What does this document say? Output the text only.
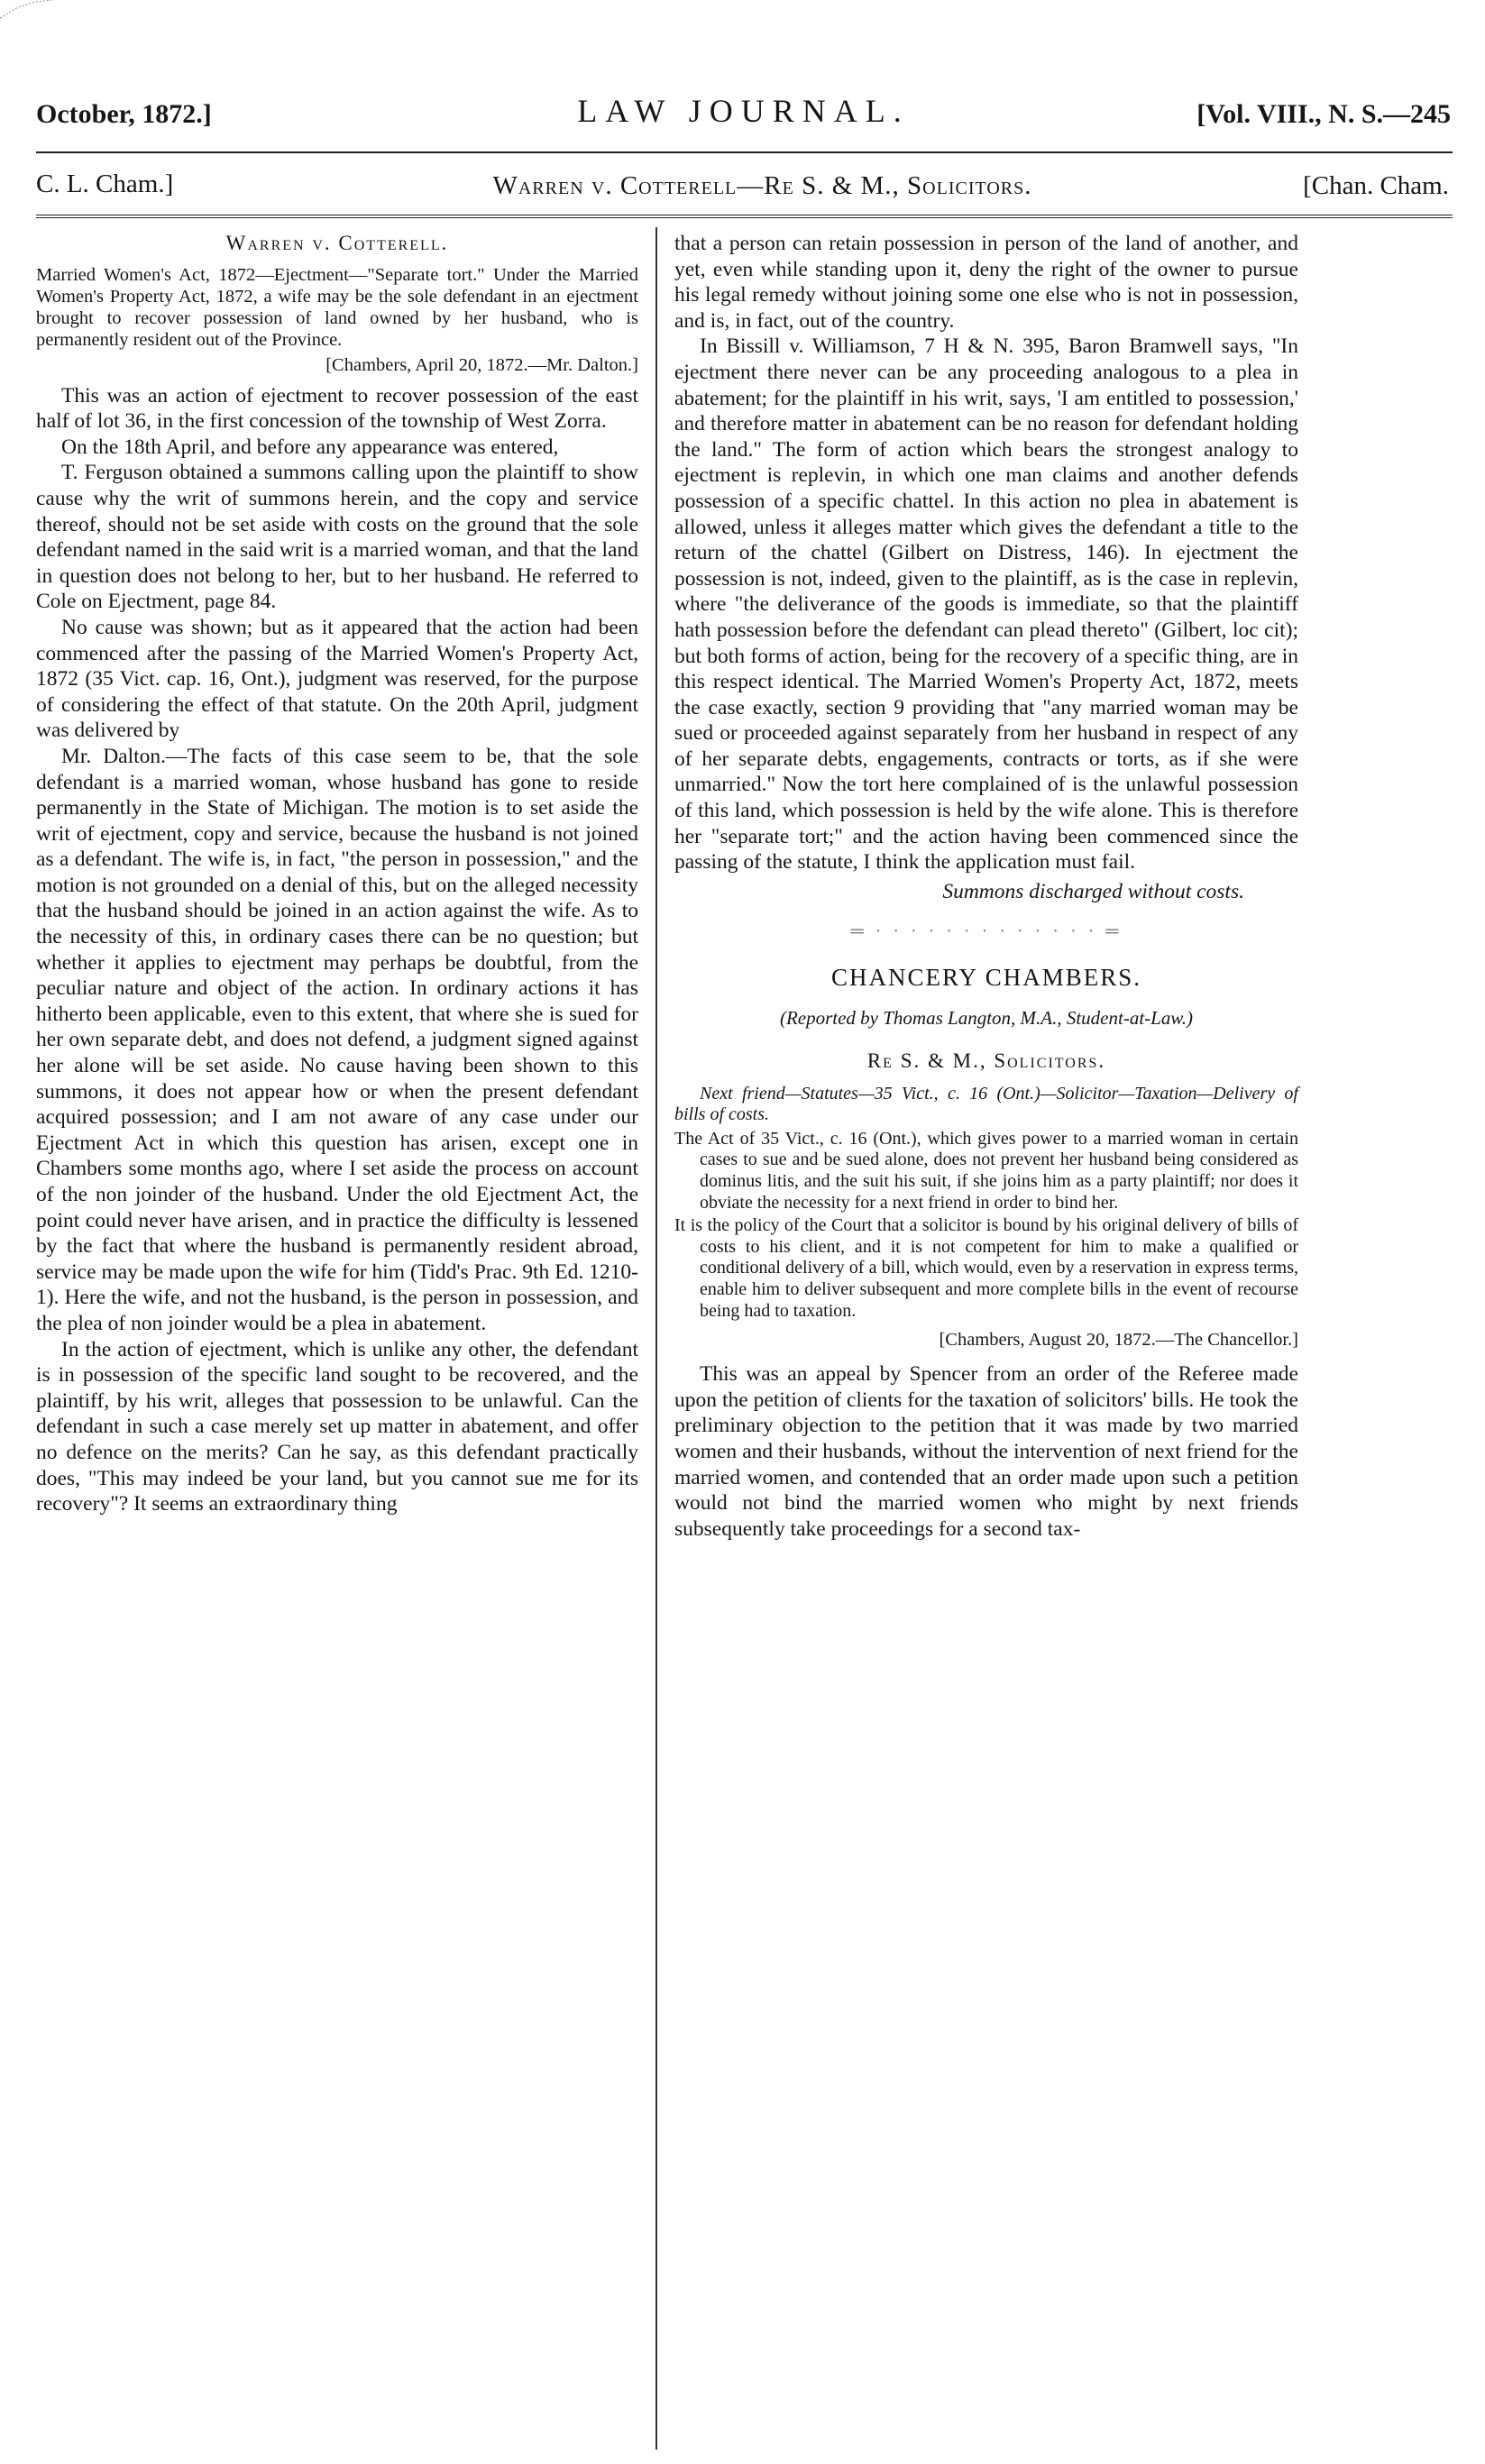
October, 1872.]	LAW JOURNAL.	[Vol. VIII., N. S.—245
C. L. Cham.]	Warren v. Cotterell—Re S. & M., Solicitors.	[Chan. Cham.
Warren v. Cotterell.
Married Women's Act, 1872—Ejectment—"Separate tort." Under the Married Women's Property Act, 1872, a wife may be the sole defendant in an ejectment brought to recover possession of land owned by her husband, who is permanently resident out of the Province.
[Chambers, April 20, 1872.—Mr. Dalton.]

This was an action of ejectment to recover possession of the east half of lot 36, in the first concession of the township of West Zorra.

On the 18th April, and before any appearance was entered,

T. Ferguson obtained a summons calling upon the plaintiff to show cause why the writ of summons herein, and the copy and service thereof, should not be set aside with costs on the ground that the sole defendant named in the said writ is a married woman, and that the land in question does not belong to her, but to her husband. He referred to Cole on Ejectment, page 84.

No cause was shown; but as it appeared that the action had been commenced after the passing of the Married Women's Property Act, 1872 (35 Vict. cap. 16, Ont.), judgment was reserved, for the purpose of considering the effect of that statute. On the 20th April, judgment was delivered by

Mr. Dalton.—The facts of this case seem to be, that the sole defendant is a married woman, whose husband has gone to reside permanently in the State of Michigan. The motion is to set aside the writ of ejectment, copy and service, because the husband is not joined as a defendant. The wife is, in fact, "the person in possession," and the motion is not grounded on a denial of this, but on the alleged necessity that the husband should be joined in an action against the wife. As to the necessity of this, in ordinary cases there can be no question; but whether it applies to ejectment may perhaps be doubtful, from the peculiar nature and object of the action. In ordinary actions it has hitherto been applicable, even to this extent, that where she is sued for her own separate debt, and does not defend, a judgment signed against her alone will be set aside. No cause having been shown to this summons, it does not appear how or when the present defendant acquired possession; and I am not aware of any case under our Ejectment Act in which this question has arisen, except one in Chambers some months ago, where I set aside the process on account of the non joinder of the husband. Under the old Ejectment Act, the point could never have arisen, and in practice the difficulty is lessened by the fact that where the husband is permanently resident abroad, service may be made upon the wife for him (Tidd's Prac. 9th Ed. 1210-1). Here the wife, and not the husband, is the person in possession, and the plea of non joinder would be a plea in abatement.

In the action of ejectment, which is unlike any other, the defendant is in possession of the specific land sought to be recovered, and the plaintiff, by his writ, alleges that possession to be unlawful. Can the defendant in such a case merely set up matter in abatement, and offer no defence on the merits? Can he say, as this defendant practically does, "This may indeed be your land, but you cannot sue me for its recovery"? It seems an extraordinary thing

that a person can retain possession in person of the land of another, and yet, even while standing upon it, deny the right of the owner to pursue his legal remedy without joining some one else who is not in possession, and is, in fact, out of the country.

In Bissill v. Williamson, 7 H & N. 395, Baron Bramwell says, "In ejectment there never can be any proceeding analogous to a plea in abatement; for the plaintiff in his writ, says, 'I am entitled to possession,' and therefore matter in abatement can be no reason for defendant holding the land." The form of action which bears the strongest analogy to ejectment is replevin, in which one man claims and another defends possession of a specific chattel. In this action no plea in abatement is allowed, unless it alleges matter which gives the defendant a title to the return of the chattel (Gilbert on Distress, 146). In ejectment the possession is not, indeed, given to the plaintiff, as is the case in replevin, where "the deliverance of the goods is immediate, so that the plaintiff hath possession before the defendant can plead thereto" (Gilbert, loc cit); but both forms of action, being for the recovery of a specific thing, are in this respect identical. The Married Women's Property Act, 1872, meets the case exactly, section 9 providing that "any married woman may be sued or proceeded against separately from her husband in respect of any of her separate debts, engagements, contracts or torts, as if she were unmarried." Now the tort here complained of is the unlawful possession of this land, which possession is held by the wife alone. This is therefore her "separate tort;" and the action having been commenced since the passing of the statute, I think the application must fail.

Summons discharged without costs.
═ · · · · · · · · · · · · · ═
CHANCERY CHAMBERS.
(Reported by Thomas Langton, M.A., Student-at-Law.)
Re S. & M., Solicitors.
Next friend—Statutes—35 Vict., c. 16 (Ont.)—Solicitor—Taxation—Delivery of bills of costs.
The Act of 35 Vict., c. 16 (Ont.), which gives power to a married woman in certain cases to sue and be sued alone, does not prevent her husband being considered as dominus litis, and the suit his suit, if she joins him as a party plaintiff; nor does it obviate the necessity for a next friend in order to bind her.
It is the policy of the Court that a solicitor is bound by his original delivery of bills of costs to his client, and it is not competent for him to make a qualified or conditional delivery of a bill, which would, even by a reservation in express terms, enable him to deliver subsequent and more complete bills in the event of recourse being had to taxation.
[Chambers, August 20, 1872.—The Chancellor.]

This was an appeal by Spencer from an order of the Referee made upon the petition of clients for the taxation of solicitors' bills. He took the preliminary objection to the petition that it was made by two married women and their husbands, without the intervention of next friend for the married women, and contended that an order made upon such a petition would not bind the married women who might by next friends subsequently take proceedings for a second tax-
